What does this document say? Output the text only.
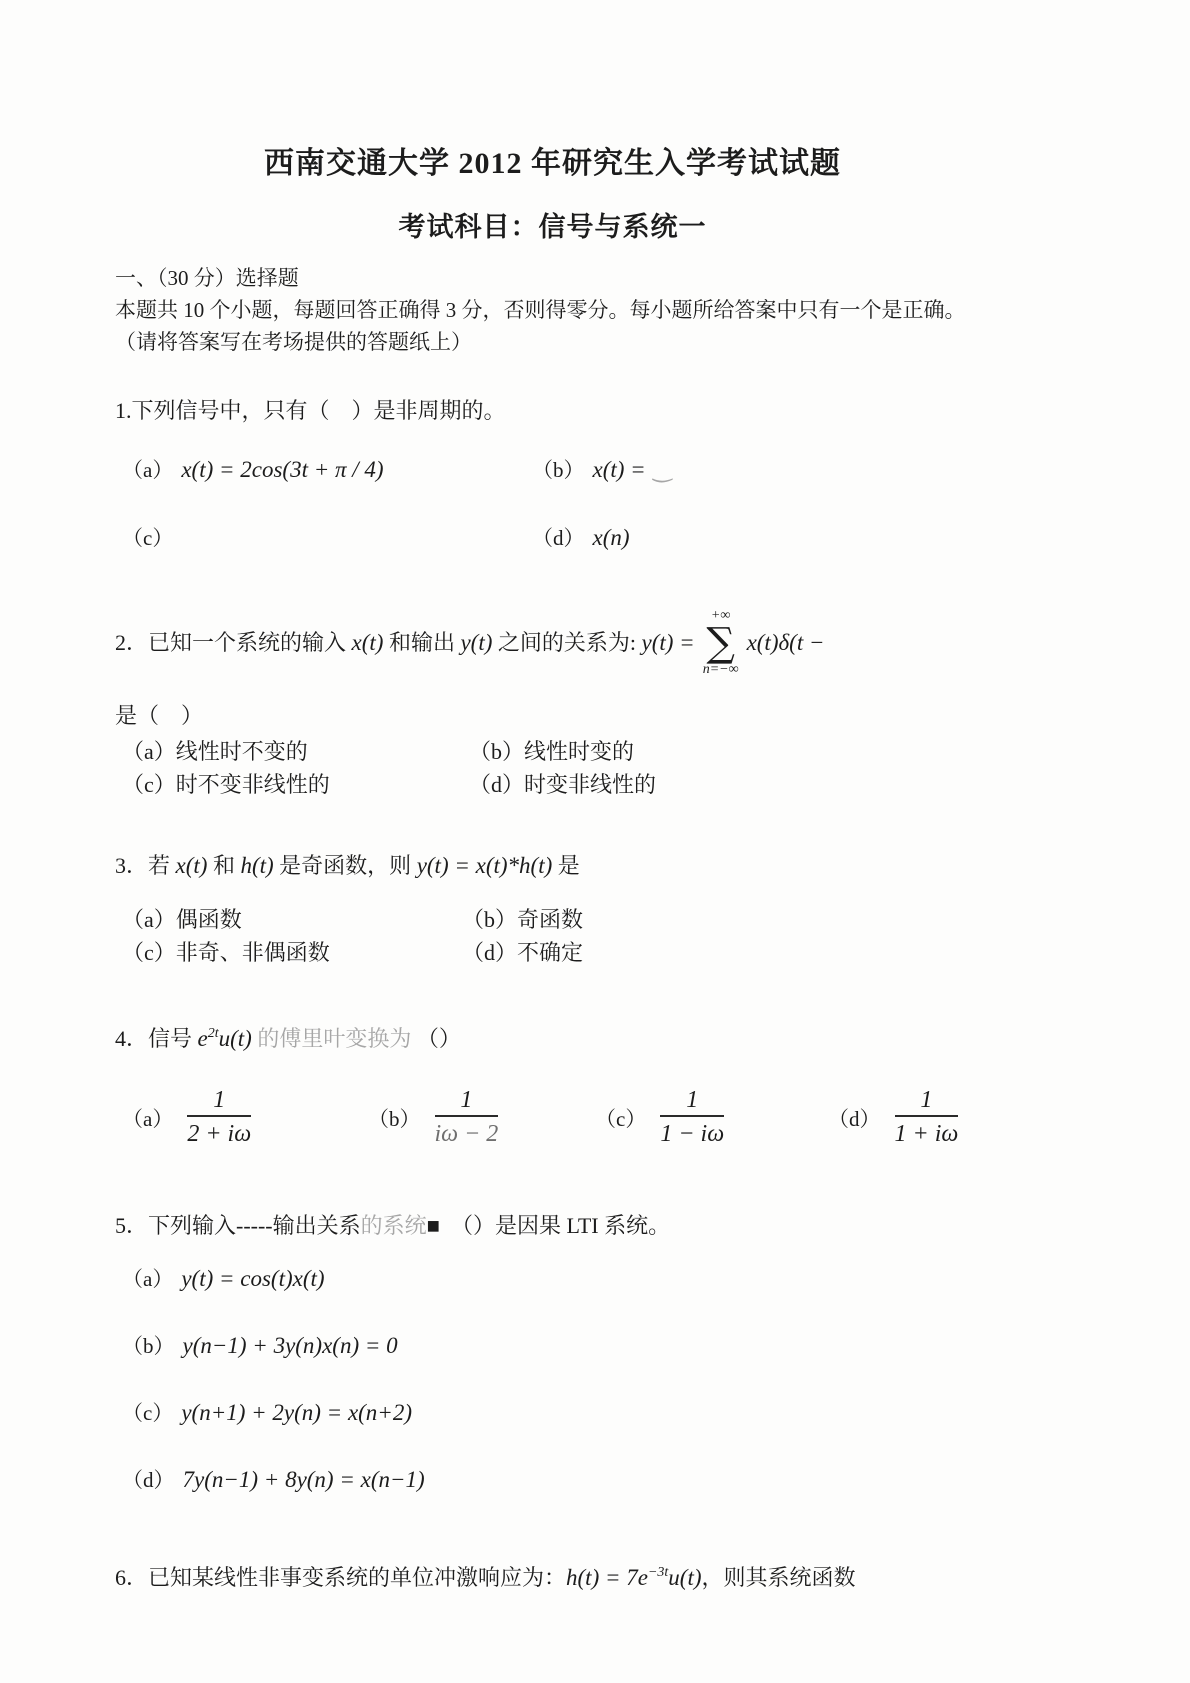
西南交通大学 2012 年研究生入学考试试题
考试科目：信号与系统一
一、（30 分）选择题
本题共 10 个小题，每题回答正确得 3 分，否则得零分。每小题所给答案中只有一个是正确。
（请将答案写在考场提供的答题纸上）
1.下列信号中，只有（　）是非周期的。
（a） x(t) = 2cos(3t + π / 4)	（b） x(t) = ‿
（c）	（d） x(n)
2．已知一个系统的输入 x(t) 和输出 y(t) 之间的关系为: y(t) =
+∞
∑
n=−∞
x(t)δ(t −
是（　）
（a）线性时不变的	（b）线性时变的
（c）时不变非线性的	（d）时变非线性的
3．若 x(t) 和 h(t) 是奇函数，则 y(t) = x(t)*h(t) 是
（a）偶函数	（b）奇函数
（c）非奇、非偶函数	（d）不确定
4．信号 $e^{2t}u(t)$ 的傅里叶变换为 （）
$(a) \frac{1}{2 + i\omega}$	$(b) \frac{1}{i\omega - 2}$	$(c) \frac{1}{1 - i\omega}$	$(d) \frac{1}{1 + i\omega}$
5．下列输入-----输出关系的系统■　（）是因果 LTI 系统。
（a） y(t) = cos(t)x(t)
（b） y(n−1) + 3y(n)x(n) = 0
（c） y(n+1) + 2y(n) = x(n+2)
（d） 7y(n−1) + 8y(n) = x(n−1)
6．已知某线性非事变系统的单位冲激响应为：$h(t) = 7e^{-3t}u(t)$，则其系统函数
